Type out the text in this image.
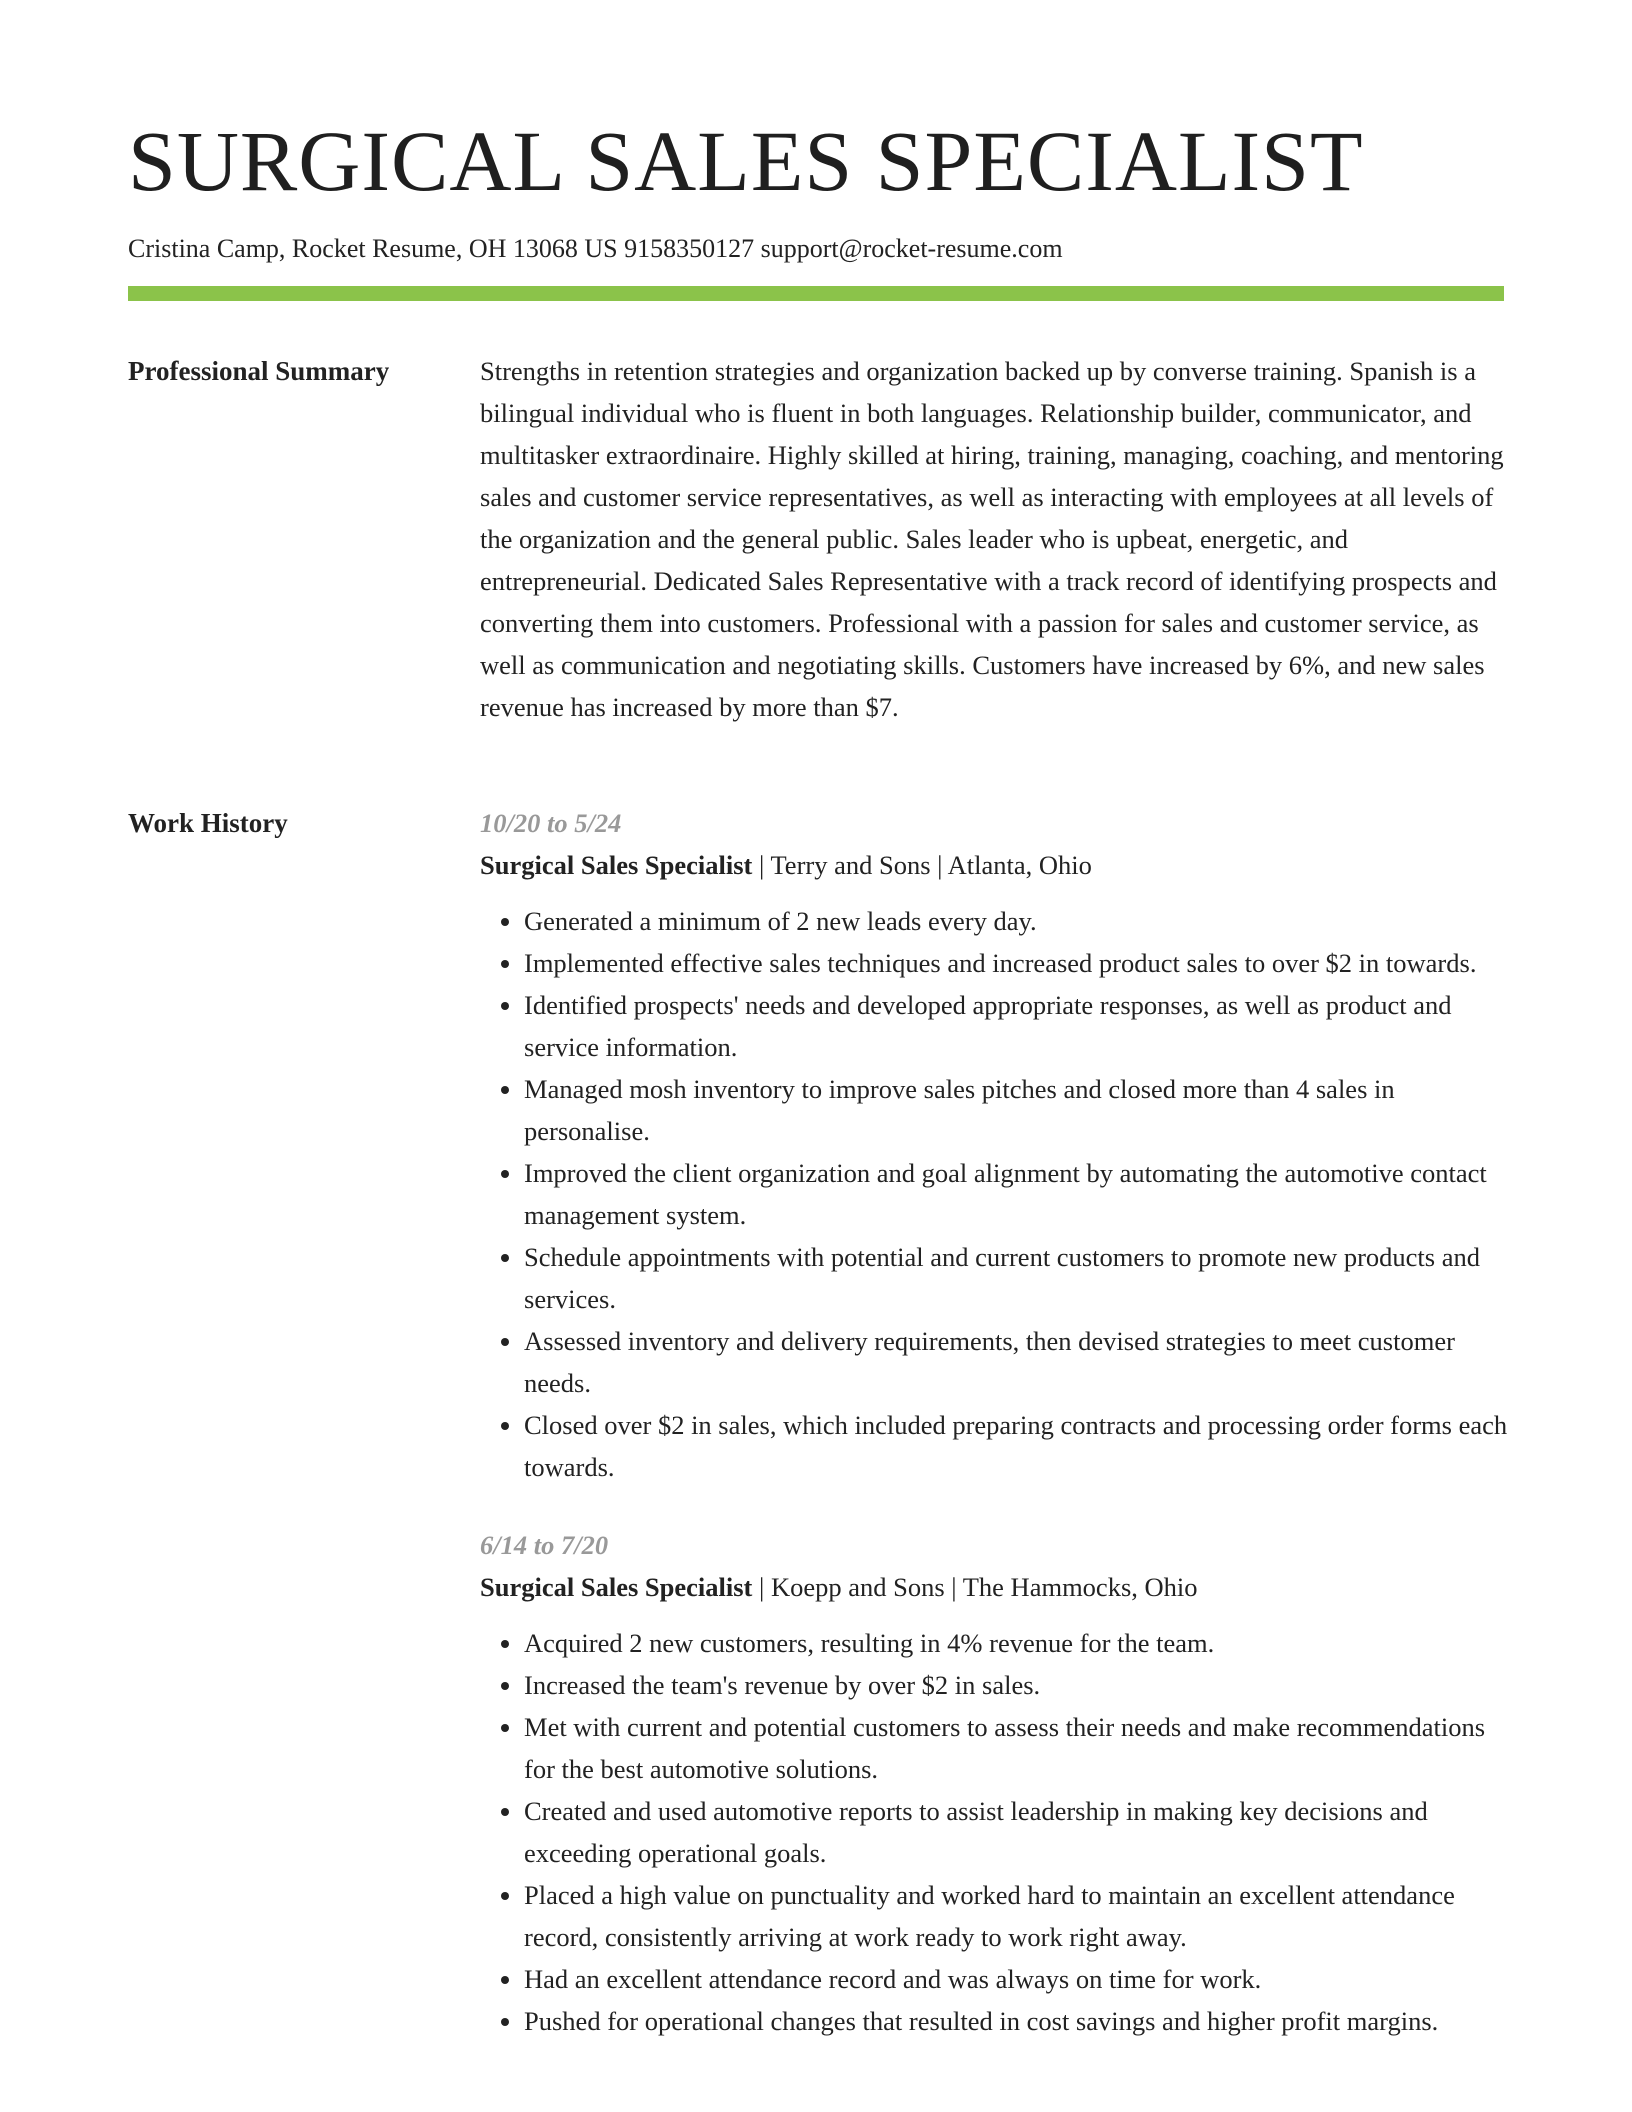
SURGICAL SALES SPECIALIST
Cristina Camp, Rocket Resume, OH 13068 US 9158350127 support@rocket-resume.com
Professional Summary	Strengths in retention strategies and organization backed up by converse training. Spanish is a bilingual individual who is fluent in both languages. Relationship builder, communicator, and multitasker extraordinaire. Highly skilled at hiring, training, managing, coaching, and mentoring sales and customer service representatives, as well as interacting with employees at all levels of the organization and the general public. Sales leader who is upbeat, energetic, and entrepreneurial. Dedicated Sales Representative with a track record of identifying prospects and converting them into customers. Professional with a passion for sales and customer service, as well as communication and negotiating skills. Customers have increased by 6%, and new sales revenue has increased by more than $7.

Work History	10/20 to 5/24
Surgical Sales Specialist | Terry and Sons | Atlanta, Ohio
• Generated a minimum of 2 new leads every day.
• Implemented effective sales techniques and increased product sales to over $2 in towards.
• Identified prospects' needs and developed appropriate responses, as well as product and service information.
• Managed mosh inventory to improve sales pitches and closed more than 4 sales in personalise.
• Improved the client organization and goal alignment by automating the automotive contact management system.
• Schedule appointments with potential and current customers to promote new products and services.
• Assessed inventory and delivery requirements, then devised strategies to meet customer needs.
• Closed over $2 in sales, which included preparing contracts and processing order forms each towards.
6/14 to 7/20
Surgical Sales Specialist | Koepp and Sons | The Hammocks, Ohio
• Acquired 2 new customers, resulting in 4% revenue for the team.
• Increased the team's revenue by over $2 in sales.
• Met with current and potential customers to assess their needs and make recommendations for the best automotive solutions.
• Created and used automotive reports to assist leadership in making key decisions and exceeding operational goals.
• Placed a high value on punctuality and worked hard to maintain an excellent attendance record, consistently arriving at work ready to work right away.
• Had an excellent attendance record and was always on time for work.
• Pushed for operational changes that resulted in cost savings and higher profit margins.
